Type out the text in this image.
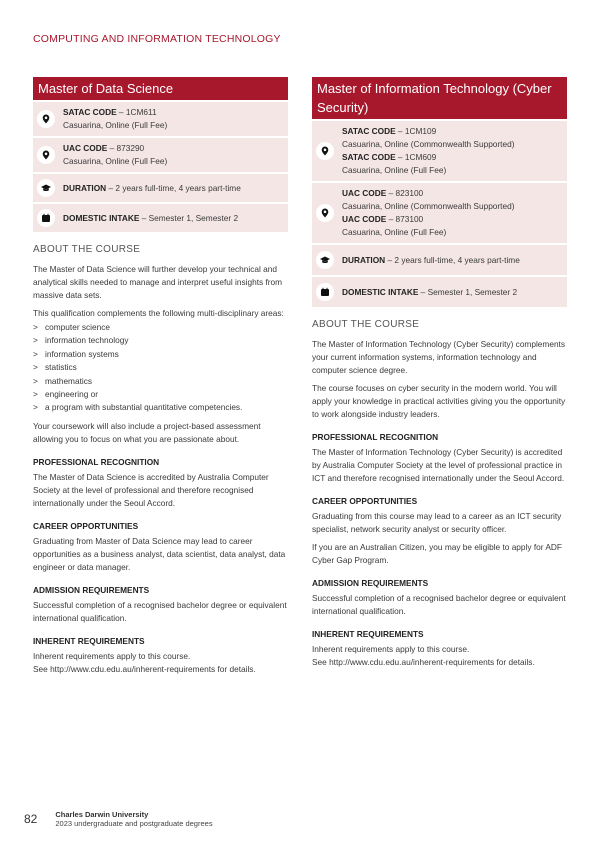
COMPUTING AND INFORMATION TECHNOLOGY
Master of Data Science
SATAC CODE – 1CM611
Casuarina, Online (Full Fee)
UAC CODE – 873290
Casuarina, Online (Full Fee)
DURATION – 2 years full-time, 4 years part-time
DOMESTIC INTAKE – Semester 1, Semester 2
ABOUT THE COURSE

The Master of Data Science will further develop your technical and analytical skills needed to manage and interpret useful insights from massive data sets.

This qualification complements the following multi-disciplinary areas:

> computer science
> information technology
> information systems
> statistics
> mathematics
> engineering or
> a program with substantial quantitative competencies.

Your coursework will also include a project-based assessment allowing you to focus on what you are passionate about.

PROFESSIONAL RECOGNITION

The Master of Data Science is accredited by Australia Computer Society at the level of professional and therefore recognised internationally under the Seoul Accord.

CAREER OPPORTUNITIES

Graduating from Master of Data Science may lead to career opportunities as a business analyst, data scientist, data analyst, data engineer or data manager.

ADMISSION REQUIREMENTS

Successful completion of a recognised bachelor degree or equivalent international qualification.

INHERENT REQUIREMENTS

Inherent requirements apply to this course.

See http://www.cdu.edu.au/inherent-requirements for details.

Master of Information Technology (Cyber Security)
SATAC CODE – 1CM109
Casuarina, Online (Commonwealth Supported)
SATAC CODE – 1CM609
Casuarina, Online (Full Fee)
UAC CODE – 823100
Casuarina, Online (Commonwealth Supported)
UAC CODE – 873100
Casuarina, Online (Full Fee)
DURATION – 2 years full-time, 4 years part-time
DOMESTIC INTAKE – Semester 1, Semester 2
ABOUT THE COURSE

The Master of Information Technology (Cyber Security) complements your current information systems, information technology and computer science degree.

The course focuses on cyber security in the modern world. You will apply your knowledge in practical activities giving you the opportunity to work alongside industry leaders.

PROFESSIONAL RECOGNITION

The Master of Information Technology (Cyber Security) is accredited by Australia Computer Society at the level of professional practice in ICT and therefore recognised internationally under the Seoul Accord.

CAREER OPPORTUNITIES

Graduating from this course may lead to a career as an ICT security specialist, network security analyst or security officer.

If you are an Australian Citizen, you may be eligible to apply for ADF Cyber Gap Program.

ADMISSION REQUIREMENTS

Successful completion of a recognised bachelor degree or equivalent international qualification.

INHERENT REQUIREMENTS

Inherent requirements apply to this course.

See http://www.cdu.edu.au/inherent-requirements for details.

82 Charles Darwin University
2023 undergraduate and postgraduate degrees
